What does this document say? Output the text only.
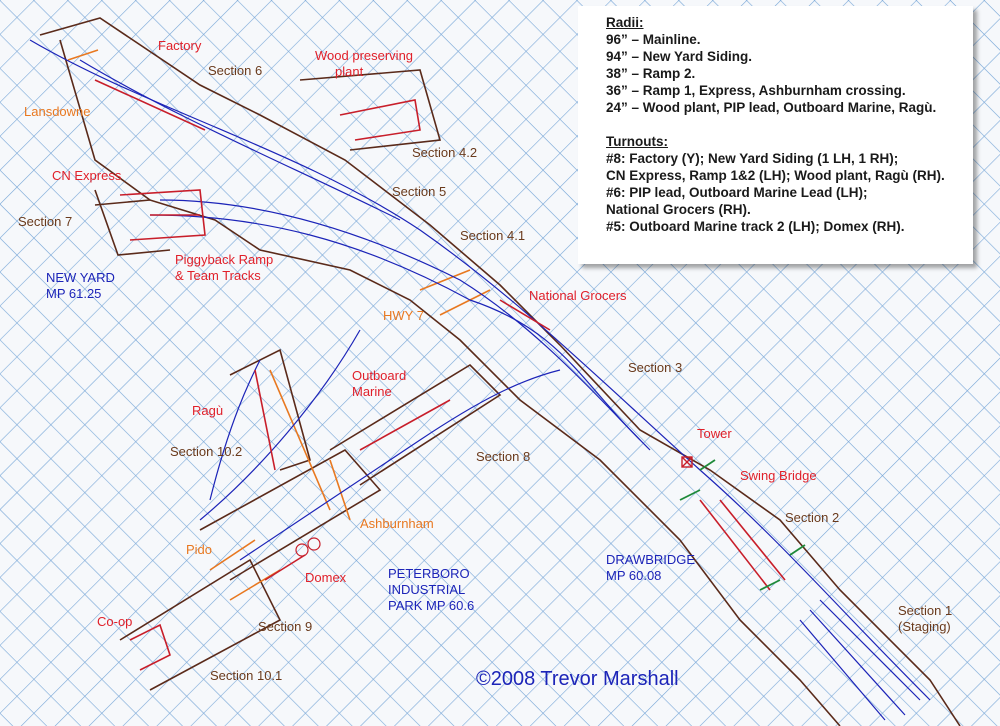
Factory
Section 6
Wood preserving
plant
Lansdowne
Section 4.2
CN Express
Section 5
Section 7
Section 4.1
Piggyback Ramp
& Team Tracks
NEW YARD
MP 61.25	National Grocers
HWY 7
Outboard
Marine
Section 3
Ragù
Tower
Section 10.2	Section 8
Swing Bridge
Ashburnham	Section 2
Pido
Domex
DRAWBRIDGE
MP 60.08
PETERBORO
INDUSTRIAL
PARK MP 60.6
Co-op	Section 9
Section 1
(Staging)
Section 10.1
Radii:
96” – Mainline.
94” – New Yard Siding.
38” – Ramp 2.
36” – Ramp 1, Express, Ashburnham crossing.
24” – Wood plant, PIP lead, Outboard Marine, Ragù.
Turnouts:
#8: Factory (Y); New Yard Siding (1 LH, 1 RH);
CN Express, Ramp 1&2 (LH); Wood plant, Ragù (RH).
#6: PIP lead, Outboard Marine Lead (LH);
National Grocers (RH).
#5: Outboard Marine track 2 (LH); Domex (RH).
©2008 Trevor Marshall
